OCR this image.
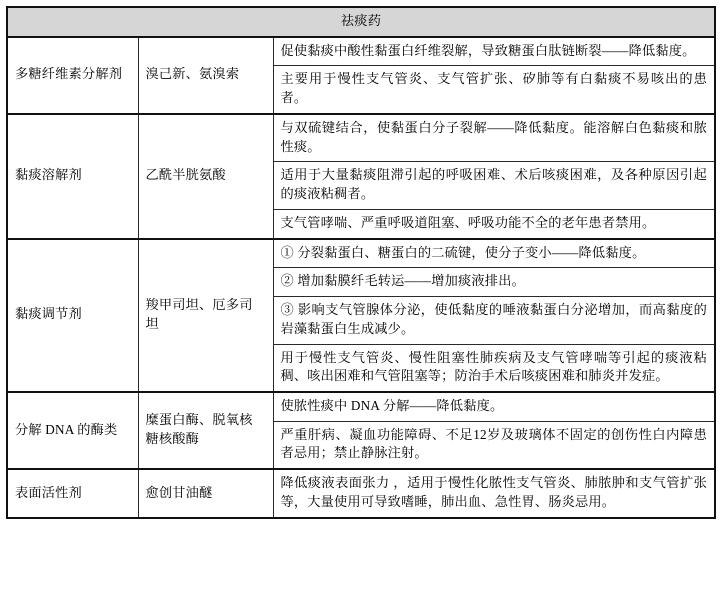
祛痰药		
多糖纤维素分解剂	溴己新、氨溴索	促使黏痰中酸性黏蛋白纤维裂解，导致糖蛋白肽链断裂——降低黏度。
		主要用于慢性支气管炎、支气管扩张、矽肺等有白黏痰不易咳出的患者。
黏痰溶解剂	乙酰半胱氨酸	与双硫键结合，使黏蛋白分子裂解——降低黏度。能溶解白色黏痰和脓性痰。
		适用于大量黏痰阻滞引起的呼吸困难、术后咳痰困难，及各种原因引起的痰液粘稠者。
		支气管哮喘、严重呼吸道阻塞、呼吸功能不全的老年患者禁用。
黏痰调节剂	羧甲司坦、厄多司坦	① 分裂黏蛋白、糖蛋白的二硫键，使分子变小——降低黏度。
		② 增加黏膜纤毛转运——增加痰液排出。
		③ 影响支气管腺体分泌，使低黏度的唾液黏蛋白分泌增加，而高黏度的岩藻黏蛋白生成减少。
		用于慢性支气管炎、慢性阻塞性肺疾病及支气管哮喘等引起的痰液粘稠、咳出困难和气管阻塞等；防治手术后咳痰困难和肺炎并发症。
分解 DNA 的酶类	糜蛋白酶、脱氧核糖核酸酶	使脓性痰中 DNA 分解——降低黏度。
		严重肝病、凝血功能障碍、不足12岁及玻璃体不固定的创伤性白内障患者忌用；禁止静脉注射。
表面活性剂	愈创甘油醚	降低痰液表面张力 ，适用于慢性化脓性支气管炎、肺脓肿和支气管扩张等，大量使用可导致嗜睡，肺出血、急性胃、肠炎忌用。
